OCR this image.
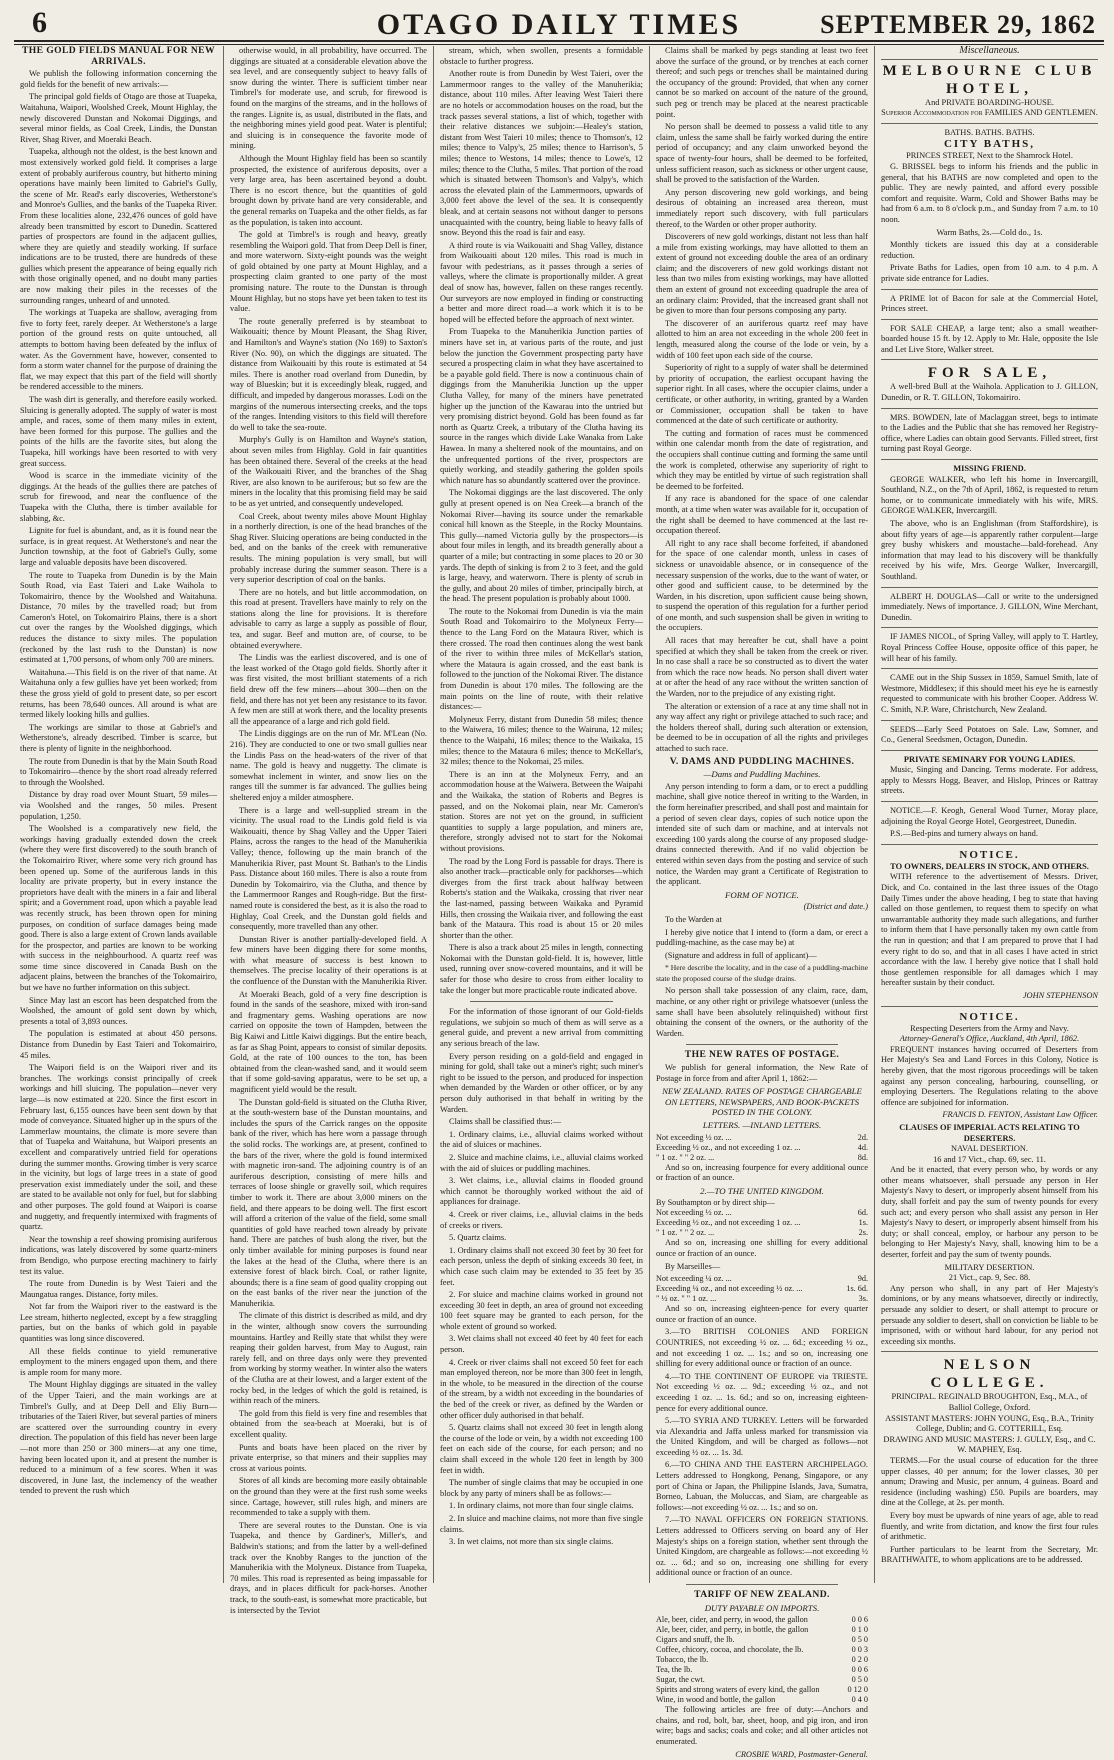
6	OTAGO DAILY TIMES	SEPTEMBER 29, 1862

THE GOLD FIELDS MANUAL FOR NEW ARRIVALS.

We publish the following information concerning the gold fields for the benefit of new arrivals:—

The principal gold fields of Otago are those at Tuapeka, Waitahuna, Waipori, Woolshed Creek, Mount Highlay, the newly discovered Dunstan and Nokomai Diggings, and several minor fields, as Coal Creek, Lindis, the Dunstan River, Shag River, and Moeraki Beach.

Tuapeka, although not the oldest, is the best known and most extensively worked gold field. It comprises a large extent of probably auriferous country, but hitherto mining operations have mainly been limited to Gabriel's Gully, the scene of Mr. Read's early discoveries, Wetherstone's and Monroe's Gullies, and the banks of the Tuapeka River. From these localities alone, 232,476 ounces of gold have already been transmitted by escort to Dunedin. Scattered parties of prospectors are found in the adjacent gullies, where they are quietly and steadily working. If surface indications are to be trusted, there are hundreds of these gullies which present the appearance of being equally rich with those originally opened, and no doubt many parties are now making their piles in the recesses of the surrounding ranges, unheard of and unnoted.

The workings at Tuapeka are shallow, averaging from five to forty feet, rarely deeper. At Wetherstone's a large portion of the ground rests on quite untouched, all attempts to bottom having been defeated by the influx of water. As the Government have, however, consented to form a storm water channel for the purpose of draining the flat, we may expect that this part of the field will shortly be rendered accessible to the miners.

The wash dirt is generally, and therefore easily worked. Sluicing is generally adopted. The supply of water is most ample, and races, some of them many miles in extent, have been formed for this purpose. The gullies and the points of the hills are the favorite sites, but along the Tuapeka, hill workings have been resorted to with very great success.

Wood is scarce in the immediate vicinity of the diggings. At the heads of the gullies there are patches of scrub for firewood, and near the confluence of the Tuapeka with the Clutha, there is timber available for slabbing, &c.

Lignite for fuel is abundant, and, as it is found near the surface, is in great request. At Wetherstone's and near the Junction township, at the foot of Gabriel's Gully, some large and valuable deposits have been discovered.

The route to Tuapeka from Dunedin is by the Main South Road, via East Taieri and Lake Waihola to Tokomairiro, thence by the Woolshed and Waitahuna. Distance, 70 miles by the travelled road; but from Cameron's Hotel, on Tokomairiro Plains, there is a short cut over the ranges by the Woolshed diggings, which reduces the distance to sixty miles. The population (reckoned by the last rush to the Dunstan) is now estimated at 1,700 persons, of whom only 700 are miners.

Waitahuna.—This field is on the river of that name. At Waitahuna only a few gullies have yet been worked; from these the gross yield of gold to present date, so per escort returns, has been 78,640 ounces. All around is what are termed likely looking hills and gullies.

The workings are similar to those at Gabriel's and Wetherstone's, already described. Timber is scarce, but there is plenty of lignite in the neighborhood.

The route from Dunedin is that by the Main South Road to Tokomairiro—thence by the short road already referred to through the Woolshed.

Distance by dray road over Mount Stuart, 59 miles—via Woolshed and the ranges, 50 miles. Present population, 1,250.

The Woolshed is a comparatively new field, the workings having gradually extended down the creek (where they were first discovered) to the south branch of the Tokomairiro River, where some very rich ground has been opened up. Some of the auriferous lands in this locality are private property, but in every instance the proprietors have dealt with the miners in a fair and liberal spirit; and a Government road, upon which a payable lead was recently struck, has been thrown open for mining purposes, on condition of surface damages being made good. There is also a large extent of Crown lands available for the prospector, and parties are known to be working with success in the neighbourhood. A quartz reef was some time since discovered in Canada Bush on the adjacent plains, between the branches of the Tokomairiro, but we have no further information on this subject.

Since May last an escort has been despatched from the Woolshed, the amount of gold sent down by which, presents a total of 3,893 ounces.

The population is estimated at about 450 persons. Distance from Dunedin by East Taieri and Tokomairiro, 45 miles.

The Waipori field is on the Waipori river and its branches. The workings consist principally of creek workings and hill sluicing. The population—never very large—is now estimated at 220. Since the first escort in February last, 6,155 ounces have been sent down by that mode of conveyance. Situated higher up in the spurs of the Lammerlaw mountains, the climate is more severe than that of Tuapeka and Waitahuna, but Waipori presents an excellent and comparatively untried field for operations during the summer months. Growing timber is very scarce in the vicinity, but logs of large trees in a state of good preservation exist immediately under the soil, and these are stated to be available not only for fuel, but for slabbing and other purposes. The gold found at Waipori is coarse and nuggetty, and frequently intermixed with fragments of quartz.

Near the township a reef showing promising auriferous indications, was lately discovered by some quartz-miners from Bendigo, who purpose erecting machinery to fairly test its value.

The route from Dunedin is by West Taieri and the Maungatua ranges. Distance, forty miles.

Not far from the Waipori river to the eastward is the Lee stream, hitherto neglected, except by a few straggling parties, but on the banks of which gold in payable quantities was long since discovered.

All these fields continue to yield remunerative employment to the miners engaged upon them, and there is ample room for many more.

The Mount Highlay diggings are situated in the valley of the Upper Taieri, and the main workings are at Timbrel's Gully, and at Deep Dell and Eliy Burn—tributaries of the Taieri River, but several parties of miners are scattered over the surrounding country in every direction. The population of this field has never been large—not more than 250 or 300 miners—at any one time, having been located upon it, and at present the number is reduced to a minimum of a few scores. When it was discovered, in June last, the inclemency of the weather tended to prevent the rush which

otherwise would, in all probability, have occurred. The diggings are situated at a considerable elevation above the sea level, and are consequently subject to heavy falls of snow during the winter. There is sufficient timber near Timbrel's for moderate use, and scrub, for firewood is found on the margins of the streams, and in the hollows of the ranges. Lignite is, as usual, distributed in the flats, and the neighboring mines yield good peat. Water is plentiful; and sluicing is in consequence the favorite mode of mining.

Although the Mount Highlay field has been so scantily prospected, the existence of auriferous deposits, over a very large area, has been ascertained beyond a doubt. There is no escort thence, but the quantities of gold brought down by private hand are very considerable, and the general remarks on Tuapeka and the other fields, as far as the population, is taken into account.

The gold at Timbrel's is rough and heavy, greatly resembling the Waipori gold. That from Deep Dell is finer, and more waterworn. Sixty-eight pounds was the weight of gold obtained by one party at Mount Highlay, and a prospecting claim granted to one party of the most promising nature. The route to the Dunstan is through Mount Highlay, but no stops have yet been taken to test its value.

The route generally preferred is by steamboat to Waikouaiti; thence by Mount Pleasant, the Shag River, and Hamilton's and Wayne's station (No 169) to Saxton's River (No. 90), on which the diggings are situated. The distance from Waikouaiti by this route is estimated at 54 miles. There is another road overland from Dunedin, by way of Blueskin; but it is exceedingly bleak, rugged, and difficult, and impeded by dangerous morasses. Lodi on the margins of the numerous intersecting creeks, and the tops of the ranges. Intending visitors to this field will therefore do well to take the sea-route.

Murphy's Gully is on Hamilton and Wayne's station, about seven miles from Highlay. Gold in fair quantities has been obtained there. Several of the creeks at the head of the Waikouaiti River, and the branches of the Shag River, are also known to be auriferous; but so few are the miners in the locality that this promising field may be said to be as yet untried, and consequently undeveloped.

Coal Creek, about twenty miles above Mount Highlay in a northerly direction, is one of the head branches of the Shag River. Sluicing operations are being conducted in the bed, and on the banks of the creek with remunerative results. The mining population is very small, but will probably increase during the summer season. There is a very superior description of coal on the banks.

There are no hotels, and but little accommodation, on this road at present. Travellers have mainly to rely on the stations along the line for provisions. It is therefore advisable to carry as large a supply as possible of flour, tea, and sugar. Beef and mutton are, of course, to be obtained everywhere.

The Lindis was the earliest discovered, and is one of the least worked of the Otago gold fields. Shortly after it was first visited, the most brilliant statements of a rich field drew off the few miners—about 300—then on the field, and there has not yet been any resistance to its favor. A few men are still at work there, and the locality presents all the appearance of a large and rich gold field.

The Lindis diggings are on the run of Mr. M'Lean (No. 216). They are conducted to one or two small gullies near the Lindis Pass on the head-waters of the river of that name. The gold is heavy and nuggetty. The climate is somewhat inclement in winter, and snow lies on the ranges till the summer is far advanced. The gullies being sheltered enjoy a milder atmosphere.

There is a large and well-supplied stream in the vicinity. The usual road to the Lindis gold field is via Waikouaiti, thence by Shag Valley and the Upper Taieri Plains, across the ranges to the head of the Manuherikia Valley; thence, following up the main branch of the Manuherikia River, past Mount St. Bathan's to the Lindis Pass. Distance about 160 miles. There is also a route from Dunedin by Tokomairiro, via the Clutha, and thence by the Lammermoor Ranges and Rough-ridge. But the first-named route is considered the best, as it is also the road to Highlay, Coal Creek, and the Dunstan gold fields and consequently, more travelled than any other.

Dunstan River is another partially-developed field. A few miners have been digging there for some months, with what measure of success is best known to themselves. The precise locality of their operations is at the confluence of the Dunstan with the Manuherikia River.

At Moeraki Beach, gold of a very fine description is found in the sands of the seashore, mixed with iron-sand and fragmentary gems. Washing operations are now carried on opposite the town of Hampden, between the Big Kaiwi and Little Kaiwi diggings. But the entire beach, as far as Shag Point, appears to consist of similar deposits. Gold, at the rate of 100 ounces to the ton, has been obtained from the clean-washed sand, and it would seem that if some gold-saving apparatus, were to be set up, a magnificent yield would be the result.

The Dunstan gold-field is situated on the Clutha River, at the south-western base of the Dunstan mountains, and includes the spurs of the Carrick ranges on the opposite bank of the river, which has here worn a passage through the solid rocks. The workings are, at present, confined to the bars of the river, where the gold is found intermixed with magnetic iron-sand. The adjoining country is of an auriferous description, consisting of mere hills and terraces of loose shingle or gravelly soil, which requires timber to work it. There are about 3,000 miners on the field, and there appears to be doing well. The first escort will afford a criterion of the value of the field, some small quantities of gold have reached town already by private hand. There are patches of bush along the river, but the only timber available for mining purposes is found near the lakes at the head of the Clutha, where there is an extensive forest of black birch. Coal, or rather lignite, abounds; there is a fine seam of good quality cropping out on the east banks of the river near the junction of the Manuherikia.

The climate of this district is described as mild, and dry in the winter, although snow covers the surrounding mountains. Hartley and Reilly state that whilst they were reaping their golden harvest, from May to August, rain rarely fell, and on three days only were they prevented from working by stormy weather. In winter also the waters of the Clutha are at their lowest, and a larger extent of the rocky bed, in the ledges of which the gold is retained, is within reach of the miners.

The gold from this field is very fine and resembles that obtained from the sea-beach at Moeraki, but is of excellent quality.

Punts and boats have been placed on the river by private enterprise, so that miners and their supplies may cross at various points.

Stores of all kinds are becoming more easily obtainable on the ground than they were at the first rush some weeks since. Cartage, however, still rules high, and miners are recommended to take a supply with them.

There are several routes to the Dunstan. One is via Tuapeka, and thence by Gardiner's, Miller's, and Baldwin's stations; and from the latter by a well-defined track over the Knobby Ranges to the junction of the Manuherikia with the Molyneux. Distance from Tuapeka, 70 miles. This road is represented as being impassable for drays, and in places difficult for pack-horses. Another track, to the south-east, is somewhat more practicable, but is intersected by the Teviot

stream, which, when swollen, presents a formidable obstacle to further progress.

Another route is from Dunedin by West Taieri, over the Lammermoor ranges to the valley of the Manuherikia; distance, about 110 miles. After leaving West Taieri there are no hotels or accommodation houses on the road, but the track passes several stations, a list of which, together with their relative distances we subjoin:—Healey's station, distant from West Taieri 10 miles; thence to Thomson's, 12 miles; thence to Valpy's, 25 miles; thence to Harrison's, 5 miles; thence to Westons, 14 miles; thence to Lowe's, 12 miles; thence to the Clutha, 5 miles. That portion of the road which is situated between Thomson's and Valpy's, which across the elevated plain of the Lammermoors, upwards of 3,000 feet above the level of the sea. It is consequently bleak, and at certain seasons not without danger to persons unacquainted with the country, being liable to heavy falls of snow. Beyond this the road is fair and easy.

A third route is via Waikouaiti and Shag Valley, distance from Waikouaiti about 120 miles. This road is much in favour with pedestrians, as it passes through a series of valleys, where the climate is proportionally milder. A great deal of snow has, however, fallen on these ranges recently. Our surveyors are now employed in finding or constructing a better and more direct road—a work which it is to be hoped will be effected before the approach of next winter.

From Tuapeka to the Manuherikia Junction parties of miners have set in, at various parts of the route, and just below the junction the Government prospecting party have secured a prospecting claim in what they have ascertained to be a payable gold field. There is now a continuous chain of diggings from the Manuherikia Junction up the upper Clutha Valley, for many of the miners have penetrated higher up the junction of the Kawarau into the untried but very promising district beyond. Gold has been found as far north as Quartz Creek, a tributary of the Clutha having its source in the ranges which divide Lake Wanaka from Lake Hawea. In many a sheltered nook of the mountains, and on the unfrequented portions of the river, prospectors are quietly working, and steadily gathering the golden spoils which nature has so abundantly scattered over the province.

The Nokomai diggings are the last discovered. The only gully at present opened is on Nea Creek—a branch of the Nokomai River—having its source under the remarkable conical hill known as the Steeple, in the Rocky Mountains. This gully—named Victoria gully by the prospectors—is about four miles in length, and its breadth generally about a quarter of a mile; but contracting in some places to 20 or 30 yards. The depth of sinking is from 2 to 3 feet, and the gold is large, heavy, and waterworn. There is plenty of scrub in the gully, and about 20 miles of timber, principally birch, at the head. The present population is probably about 1000.

The route to the Nokomai from Dunedin is via the main South Road and Tokomairiro to the Molyneux Ferry—thence to the Lang Ford on the Mataura River, which is there crossed. The road then continues along the west bank of the river to within three miles of McKellar's station, where the Mataura is again crossed, and the east bank is followed to the junction of the Nokomai River. The distance from Dunedin is about 170 miles. The following are the main points on the line of route, with their relative distances:—

Molyneux Ferry, distant from Dunedin 58 miles; thence to the Waiwera, 16 miles; thence to the Wairuna, 12 miles; thence to the Waipahi, 16 miles; thence to the Waikaka, 15 miles; thence to the Mataura 6 miles; thence to McKellar's, 32 miles; thence to the Nokomai, 25 miles.

There is an inn at the Molyneux Ferry, and an accommodation house at the Waiwera. Between the Waipahi and the Waikaka, the station of Roberts and Begres is passed, and on the Nokomai plain, near Mr. Cameron's station. Stores are not yet on the ground, in sufficient quantities to supply a large population, and miners are, therefore, strongly advised not to start for the Nokomai without provisions.

The road by the Long Ford is passable for drays. There is also another track—practicable only for packhorses—which diverges from the first track about halfway between Roberts's station and the Waikaka, crossing that river near the last-named, passing between Waikaka and Pyramid Hills, then crossing the Waikaia river, and following the east bank of the Mataura. This road is about 15 or 20 miles shorter than the other.

There is also a track about 25 miles in length, connecting Nokomai with the Dunstan gold-field. It is, however, little used, running over snow-covered mountains, and it will be safer for those who desire to cross from either locality to take the longer but more practicable route indicated above.

For the information of those ignorant of our Gold-fields regulations, we subjoin so much of them as will serve as a general guide, and prevent a new arrival from committing any serious breach of the law.

Every person residing on a gold-field and engaged in mining for gold, shall take out a miner's right; such miner's right to be issued to the person, and produced for inspection when demanded by the Warden or other officer, or by any person duly authorised in that behalf in writing by the Warden.

Claims shall be classified thus:—

1. Ordinary claims, i.e., alluvial claims worked without the aid of sluices or machines.

2. Sluice and machine claims, i.e., alluvial claims worked with the aid of sluices or puddling machines.

3. Wet claims, i.e., alluvial claims in flooded ground which cannot be thoroughly worked without the aid of appliances for drainage.

4. Creek or river claims, i.e., alluvial claims in the beds of creeks or rivers.

5. Quartz claims.

1. Ordinary claims shall not exceed 30 feet by 30 feet for each person, unless the depth of sinking exceeds 30 feet, in which case such claim may be extended to 35 feet by 35 feet.

2. For sluice and machine claims worked in ground not exceeding 30 feet in depth, an area of ground not exceeding 100 feet square may be granted to each person, for the whole extent of ground so worked.

3. Wet claims shall not exceed 40 feet by 40 feet for each person.

4. Creek or river claims shall not exceed 50 feet for each man employed thereon, nor be more than 300 feet in length, in the whole, to be measured in the direction of the course of the stream, by a width not exceeding in the boundaries of the bed of the creek or river, as defined by the Warden or other officer duly authorised in that behalf.

5. Quartz claims shall not exceed 30 feet in length along the course of the lode or vein, by a width not exceeding 100 feet on each side of the course, for each person; and no claim shall exceed in the whole 120 feet in length by 300 feet in width.

The number of single claims that may be occupied in one block by any party of miners shall be as follows:—

1. In ordinary claims, not more than four single claims.

2. In sluice and machine claims, not more than five single claims.

3. In wet claims, not more than six single claims.

Claims shall be marked by pegs standing at least two feet above the surface of the ground, or by trenches at each corner thereof; and such pegs or trenches shall be maintained during the occupancy of the ground: Provided, that when any corner cannot be so marked on account of the nature of the ground, such peg or trench may be placed at the nearest practicable point.

No person shall be deemed to possess a valid title to any claim, unless the same shall be fairly worked during the entire period of occupancy; and any claim unworked beyond the space of twenty-four hours, shall be deemed to be forfeited, unless sufficient reason, such as sickness or other urgent cause, shall be proved to the satisfaction of the Warden.

Any person discovering new gold workings, and being desirous of obtaining an increased area thereon, must immediately report such discovery, with full particulars thereof, to the Warden or other proper authority.

Discoverers of new gold workings, distant not less than half a mile from existing workings, may have allotted to them an extent of ground not exceeding double the area of an ordinary claim; and the discoverers of new gold workings distant not less than two miles from existing workings, may have allotted them an extent of ground not exceeding quadruple the area of an ordinary claim: Provided, that the increased grant shall not be given to more than four persons composing any party.

The discoverer of an auriferous quartz reef may have allotted to him an area not exceeding in the whole 200 feet in length, measured along the course of the lode or vein, by a width of 100 feet upon each side of the course.

Superiority of right to a supply of water shall be determined by priority of occupation, the earliest occupant having the superior right. In all cases, where the occupier claims, under a certificate, or other authority, in writing, granted by a Warden or Commissioner, occupation shall be taken to have commenced at the date of such certificate or authority.

The cutting and formation of races must be commenced within one calendar month from the date of registration, and the occupiers shall continue cutting and forming the same until the work is completed, otherwise any superiority of right to which they may be entitled by virtue of such registration shall be deemed to be forfeited.

If any race is abandoned for the space of one calendar month, at a time when water was available for it, occupation of the right shall be deemed to have commenced at the last re-occupation thereof.

All right to any race shall become forfeited, if abandoned for the space of one calendar month, unless in cases of sickness or unavoidable absence, or in consequence of the necessary suspension of the works, due to the want of water, or other good and sufficient cause, to be determined by the Warden, in his discretion, upon sufficient cause being shown, to suspend the operation of this regulation for a further period of one month, and such suspension shall be given in writing to the occupiers.

All races that may hereafter be cut, shall have a point specified at which they shall be taken from the creek or river. In no case shall a race be so constructed as to divert the water from which the race now heads. No person shall divert water at or after the head of any race without the written sanction of the Warden, nor to the prejudice of any existing right.

The alteration or extension of a race at any time shall not in any way affect any right or privilege attached to such race; and the holders thereof shall, during such alteration or extension, be deemed to be in occupation of all the rights and privileges attached to such race.

V. DAMS AND PUDDLING MACHINES.

—Dams and Puddling Machines.

Any person intending to form a dam, or to erect a puddling machine, shall give notice thereof in writing to the Warden, in the form hereinafter prescribed, and shall post and maintain for a period of seven clear days, copies of such notice upon the intended site of such dam or machine, and at intervals not exceeding 100 yards along the course of any proposed sludge-drains connected therewith. And if no valid objection be entered within seven days from the posting and service of such notice, the Warden may grant a Certificate of Registration to the applicant.

FORM OF NOTICE.

(District and date.)

To the Warden at

I hereby give notice that I intend to (form a dam, or erect a puddling-machine, as the case may be) at

(Signature and address in full of applicant)—

* Here describe the locality, and in the case of a puddling-machine state the proposed course of the sludge drains.

No person shall take possession of any claim, race, dam, machine, or any other right or privilege whatsoever (unless the same shall have been absolutely relinquished) without first obtaining the consent of the owners, or the authority of the Warden.

THE NEW RATES OF POSTAGE.

We publish for general information, the New Rate of Postage in force from and after April 1, 1862:—

NEW ZEALAND. RATES OF POSTAGE CHARGEABLE ON LETTERS, NEWSPAPERS, AND BOOK-PACKETS POSTED IN THE COLONY.

LETTERS. —INLAND LETTERS.

Not exceeding ½ oz. ...	2d.
Exceeding ½ oz., and not exceeding 1 oz. ...	4d.
" 1 oz. " " 2 oz. ...	8d.

And so on, increasing fourpence for every additional ounce or fraction of an ounce.

2.—TO THE UNITED KINGDOM.

By Southampton or by direct ship—	
Not exceeding ½ oz. ...	6d.
Exceeding ½ oz., and not exceeding 1 oz. ...	1s.
" 1 oz. " " 2 oz. ...	2s.

And so on, increasing one shilling for every additional ounce or fraction of an ounce.

By Marseilles—

Not exceeding ¼ oz. ...	9d.
Exceeding ¼ oz., and not exceeding ½ oz. ...	1s. 6d.
" ½ oz. " " 1 oz. ...	3s.

And so on, increasing eighteen-pence for every quarter ounce or fraction of an ounce.

3.—TO BRITISH COLONIES AND FOREIGN COUNTRIES, not exceeding ½ oz. ... 6d.; exceeding ½ oz., and not exceeding 1 oz. ... 1s.; and so on, increasing one shilling for every additional ounce or fraction of an ounce.

4.—TO THE CONTINENT OF EUROPE via TRIESTE. Not exceeding ½ oz. ... 9d.; exceeding ½ oz., and not exceeding 1 oz. ... 1s. 6d.; and so on, increasing eighteen-pence for every additional ounce.

5.—TO SYRIA AND TURKEY. Letters will be forwarded via Alexandria and Jaffa unless marked for transmission via the United Kingdom, and will be charged as follows—not exceeding ½ oz. ... 1s. 3d.

6.—TO CHINA AND THE EASTERN ARCHIPELAGO. Letters addressed to Hongkong, Penang, Singapore, or any port of China or Japan, the Philippine Islands, Java, Sumatra, Borneo, Labuan, the Moluccas, and Siam, are chargeable as follows:—not exceeding ½ oz. ... 1s.; and so on.

7.—TO NAVAL OFFICERS ON FOREIGN STATIONS. Letters addressed to Officers serving on board any of Her Majesty's ships on a foreign station, whether sent through the United Kingdom, are chargeable as follows:—not exceeding ½ oz. ... 6d.; and so on, increasing one shilling for every additional ounce or fraction of an ounce.

TARIFF OF NEW ZEALAND.

DUTY PAYABLE ON IMPORTS.

Ale, beer, cider, and perry, in wood, the gallon	0 0 6
Ale, beer, cider, and perry, in bottle, the gallon	0 1 0
Cigars and snuff, the lb.	0 5 0
Coffee, chicory, cocoa, and chocolate, the lb.	0 0 3
Tobacco, the lb.	0 2 0
Tea, the lb.	0 0 6
Sugar, the cwt.	0 5 0
Spirits and strong waters of every kind, the gallon	0 12 0
Wine, in wood and bottle, the gallon	0 4 0

The following articles are free of duty:—Anchors and chains, and rod, bolt, bar, sheet, hoop, and pig iron, and iron wire; bags and sacks; coals and coke; and all other articles not enumerated.

CROSBIE WARD, Postmaster-General.

Miscellaneous.

MELBOURNE CLUB HOTEL,
And PRIVATE BOARDING-HOUSE.
Superior Accommodation for FAMILIES AND GENTLEMEN.
BATHS. BATHS. BATHS.
CITY BATHS,
PRINCES STREET, Next to the Shamrock Hotel.

G. BRISSEL begs to inform his friends and the public in general, that his BATHS are now completed and open to the public. They are newly painted, and afford every possible comfort and requisite. Warm, Cold and Shower Baths may be had from 6 a.m. to 8 o'clock p.m., and Sunday from 7 a.m. to 10 noon.

Warm Baths, 2s.—Cold do., 1s.

Monthly tickets are issued this day at a considerable reduction.

Private Baths for Ladies, open from 10 a.m. to 4 p.m. A private side entrance for Ladies.

A PRIME lot of Bacon for sale at the Commercial Hotel, Princes street.

FOR SALE CHEAP, a large tent; also a small weather-boarded house 15 ft. by 12. Apply to Mr. Hale, opposite the Isle and Let Live Store, Walker street.

FOR SALE,

A well-bred Bull at the Waihola. Application to J. GILLON, Dunedin, or R. T. GILLON, Tokomairiro.

MRS. BOWDEN, late of Maclaggan street, begs to intimate to the Ladies and the Public that she has removed her Registry-office, where Ladies can obtain good Servants. Filled street, first turning past Royal George.

MISSING FRIEND.

GEORGE WALKER, who left his home in Invercargill, Southland, N.Z., on the 7th of April, 1862, is requested to return home, or to communicate immediately with his wife, MRS. GEORGE WALKER, Invercargill.

The above, who is an Englishman (from Staffordshire), is about fifty years of age—is apparently rather corpulent—large grey bushy whiskers and moustache—bald-forehead. Any information that may lead to his discovery will be thankfully received by his wife, Mrs. George Walker, Invercargill, Southland.

ALBERT H. DOUGLAS—Call or write to the undersigned immediately. News of importance. J. GILLON, Wine Merchant, Dunedin.

IF JAMES NICOL, of Spring Valley, will apply to T. Hartley, Royal Princess Coffee House, opposite office of this paper, he will hear of his family.

CAME out in the Ship Sussex in 1859, Samuel Smith, late of Westmore, Middlesex; if this should meet his eye he is earnestly requested to communicate with his brother Cooper. Address W. C. Smith, N.P. Ware, Christchurch, New Zealand.

SEEDS—Early Seed Potatoes on Sale. Law, Somner, and Co., General Seedsmen, Octagon, Dunedin.

PRIVATE SEMINARY FOR YOUNG LADIES.

Music, Singing and Dancing. Terms moderate. For address, apply to Messrs Hogg, Beaver, and Hislop, Princes or Rattray streets.

NOTICE.—F. Keogh, General Wood Turner, Moray place, adjoining the Royal George Hotel, Georgestreet, Dunedin.

P.S.—Bed-pins and turnery always on hand.

NOTICE.
TO OWNERS, DEALERS IN STOCK, AND OTHERS.

WITH reference to the advertisement of Messrs. Driver, Dick, and Co. contained in the last three issues of the Otago Daily Times under the above heading, I beg to state that having called on those gentlemen, to request them to specify on what unwarrantable authority they made such allegations, and further to inform them that I have personally taken my own cattle from the run in question; and that I am prepared to prove that I had every right to do so, and that in all cases I have acted in strict accordance with the law. I hereby give notice that I shall hold those gentlemen responsible for all damages which I may hereafter sustain by their conduct.

JOHN STEPHENSON

NOTICE.
Respecting Deserters from the Army and Navy.
Attorney-General's Office, Auckland, 4th April, 1862.

FREQUENT instances having occurred of Deserters from Her Majesty's Sea and Land Forces in this Colony, Notice is hereby given, that the most rigorous proceedings will be taken against any person concealing, harbouring, counselling, or employing Deserters. The Regulations relating to the above offence are subjoined for information.

FRANCIS D. FENTON, Assistant Law Officer.

CLAUSES OF IMPERIAL ACTS RELATING TO DESERTERS.
NAVAL DESERTION.
16 and 17 Vict., chap. 69, sec. 11.

And be it enacted, that every person who, by words or any other means whatsoever, shall persuade any person in Her Majesty's Navy to desert, or improperly absent himself from his duty, shall forfeit and pay the sum of twenty pounds for every such act; and every person who shall assist any person in Her Majesty's Navy to desert, or improperly absent himself from his duty; or shall conceal, employ, or harbour any person to be belonging to Her Majesty's Navy, shall, knowing him to be a deserter, forfeit and pay the sum of twenty pounds.

MILITARY DESERTION.
21 Vict., cap. 9, Sec. 88.

Any person who shall, in any part of Her Majesty's dominions, or by any means whatsoever, directly or indirectly, persuade any soldier to desert, or shall attempt to procure or persuade any soldier to desert, shall on conviction be liable to be imprisoned, with or without hard labour, for any period not exceeding six months.

NELSON COLLEGE.
PRINCIPAL. REGINALD BROUGHTON, Esq., M.A., of Balliol College, Oxford.
ASSISTANT MASTERS: JOHN YOUNG, Esq., B.A., Trinity College, Dublin; and G. COTTERILL, Esq.
DRAWING AND MUSIC MASTERS: J. GULLY, Esq., and C. W. MAPHEY, Esq.

TERMS.—For the usual course of education for the three upper classes, 40 per annum; for the lower classes, 30 per annum; Drawing and Music, per annum, 4 guineas. Board and residence (including washing) £50. Pupils are boarders, may dine at the College, at 2s. per month.

Every boy must be upwards of nine years of age, able to read fluently, and write from dictation, and know the first four rules of arithmetic.

Further particulars to be learnt from the Secretary, Mr. BRAITHWAITE, to whom applications are to be addressed.
